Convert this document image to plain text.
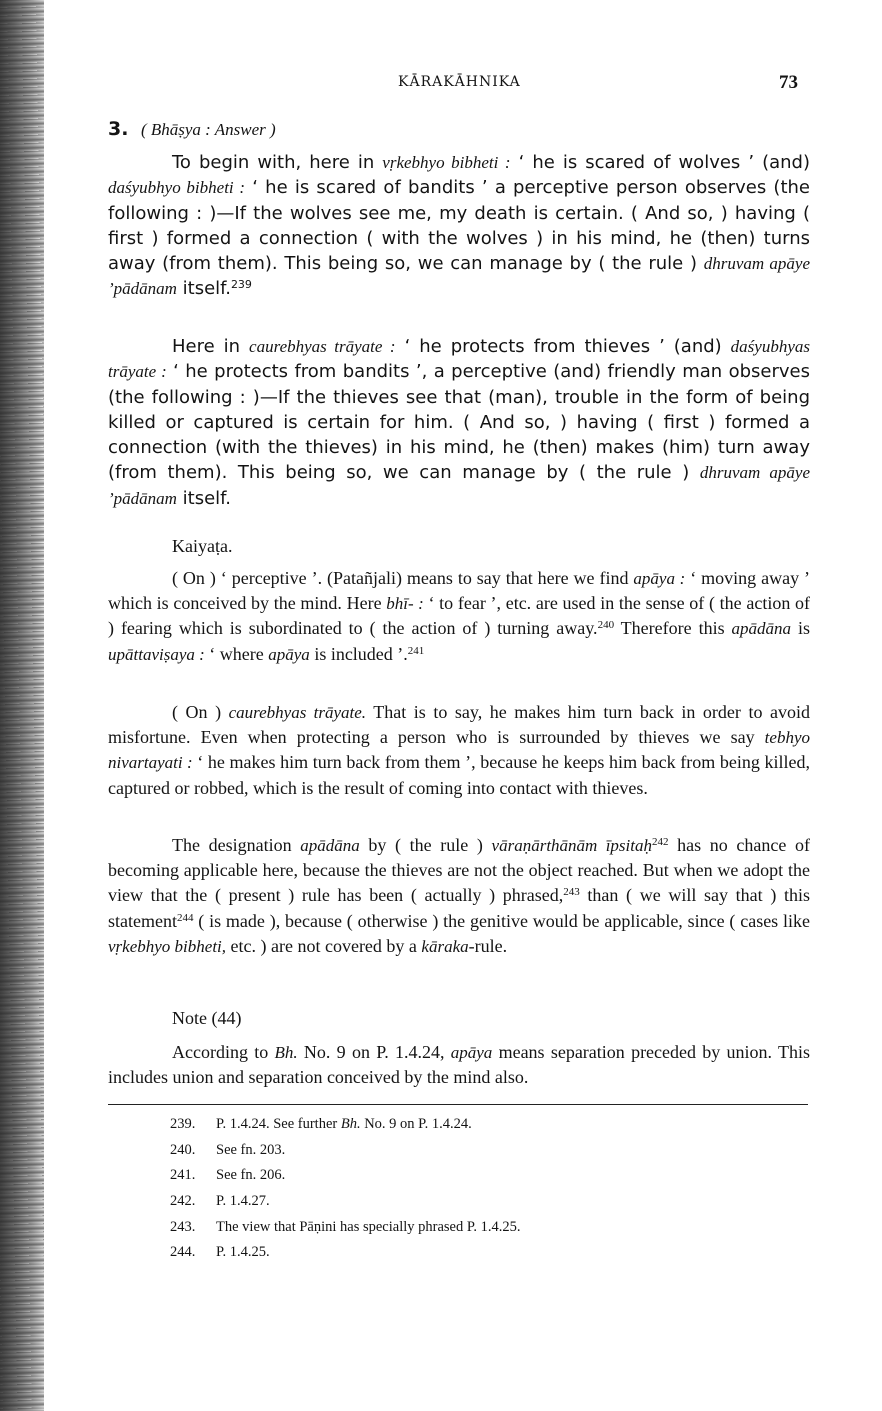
KĀRAKĀHNIKA	73
3. ( Bhāṣya : Answer )

To begin with, here in vṛkebhyo bibheti : ‘ he is scared of wolves ’ (and) daśyubhyo bibheti : ‘ he is scared of bandits ’ a perceptive person observes (the following : )—If the wolves see me, my death is certain. ( And so, ) having ( first ) formed a connection ( with the wolves ) in his mind, he (then) turns away (from them). This being so, we can manage by ( the rule ) dhruvam apāye ’pādānam itself.$^{239}$

Here in caurebhyas trāyate : ‘ he protects from thieves ’ (and) daśyubhyas trāyate : ‘ he protects from bandits ’, a perceptive (and) friendly man observes (the following : )—If the thieves see that (man), trouble in the form of being killed or captured is certain for him. ( And so, ) having ( first ) formed a connection (with the thieves) in his mind, he (then) makes (him) turn away (from them). This being so, we can manage by ( the rule ) dhruvam apāye ’pādānam itself.

Kaiyaṭa.

( On ) ‘ perceptive ’. (Patañjali) means to say that here we find apāya : ‘ moving away ’ which is conceived by the mind. Here bhī- : ‘ to fear ’, etc. are used in the sense of ( the action of ) fearing which is subordinated to ( the action of ) turning away.$^{240}$ Therefore this apādāna is upāttaviṣaya : ‘ where apāya is included ’.$^{241}$

( On ) caurebhyas trāyate. That is to say, he makes him turn back in order to avoid misfortune. Even when protecting a person who is surrounded by thieves we say tebhyo nivartayati : ‘ he makes him turn back from them ’, because he keeps him back from being killed, captured or robbed, which is the result of coming into contact with thieves.

The designation apādāna by ( the rule ) vāraṇārthānām īpsitaḥ$^{242}$ has no chance of becoming applicable here, because the thieves are not the object reached. But when we adopt the view that the ( present ) rule has been ( actually ) phrased,$^{243}$ than ( we will say that ) this statement$^{244}$ ( is made ), because ( otherwise ) the genitive would be applicable, since ( cases like vṛkebhyo bibheti, etc. ) are not covered by a kāraka-rule.

Note (44)

According to Bh. No. 9 on P. 1.4.24, apāya means separation preceded by union. This includes union and separation conceived by the mind also.

239. P. 1.4.24. See further Bh. No. 9 on P. 1.4.24.
240. See fn. 203.
241. See fn. 206.
242. P. 1.4.27.
243. The view that Pāṇini has specially phrased P. 1.4.25.
244. P. 1.4.25.
